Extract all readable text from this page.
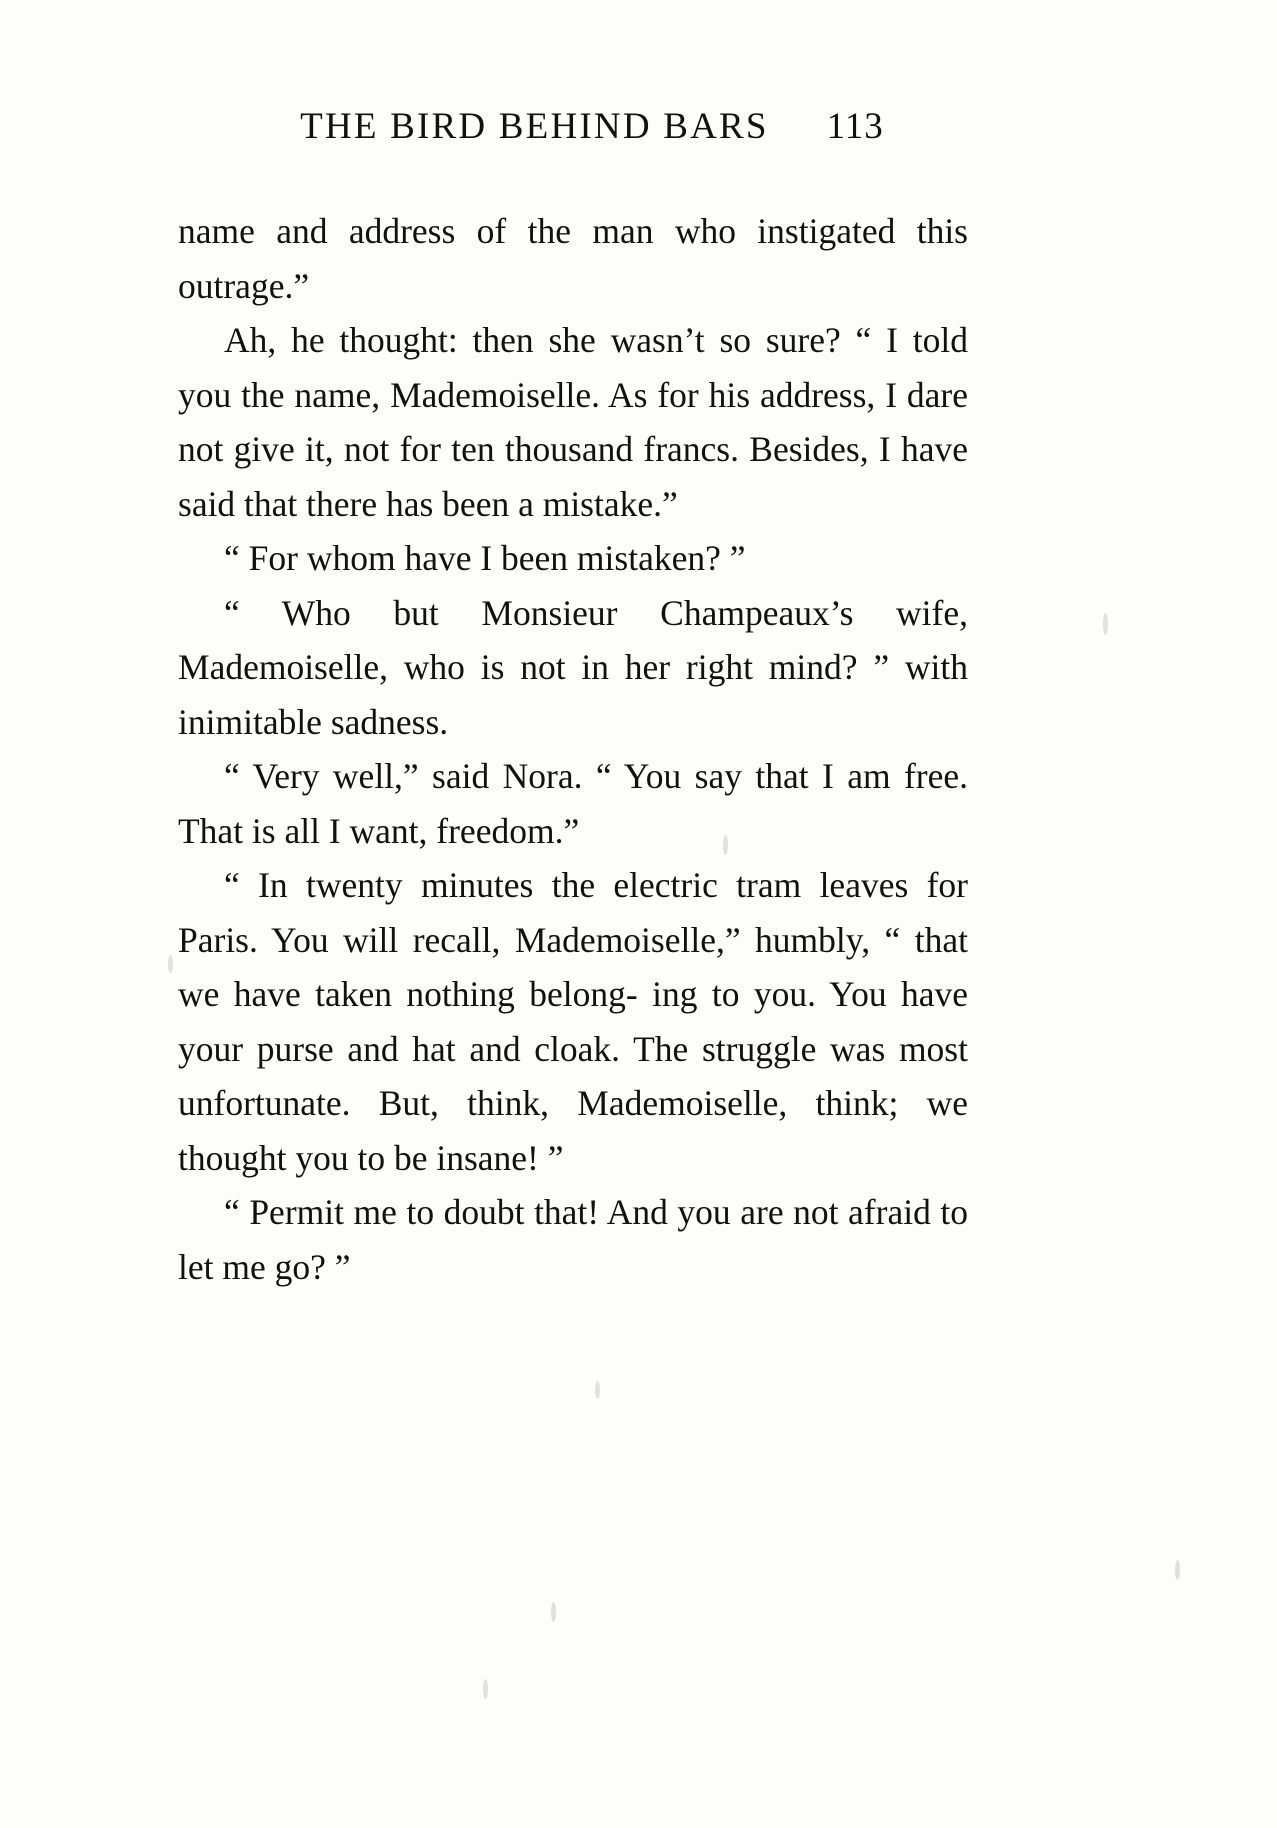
THE BIRD BEHIND BARS 113

name and address of the man who instigated this outrage.”

Ah, he thought: then she wasn’t so sure? “ I told you the name, Mademoiselle. As for his address, I dare not give it, not for ten thousand francs. Besides, I have said that there has been a mistake.”

“ For whom have I been mistaken? ”

“ Who but Monsieur Champeaux’s wife, Mademoiselle, who is not in her right mind? ” with inimitable sadness.

“ Very well,” said Nora. “ You say that I am free. That is all I want, freedom.”

“ In twenty minutes the electric tram leaves for Paris. You will recall, Mademoiselle,” humbly, “ that we have taken nothing belong- ing to you. You have your purse and hat and cloak. The struggle was most unfortunate. But, think, Mademoiselle, think; we thought you to be insane! ”

“ Permit me to doubt that! And you are not afraid to let me go? ”
